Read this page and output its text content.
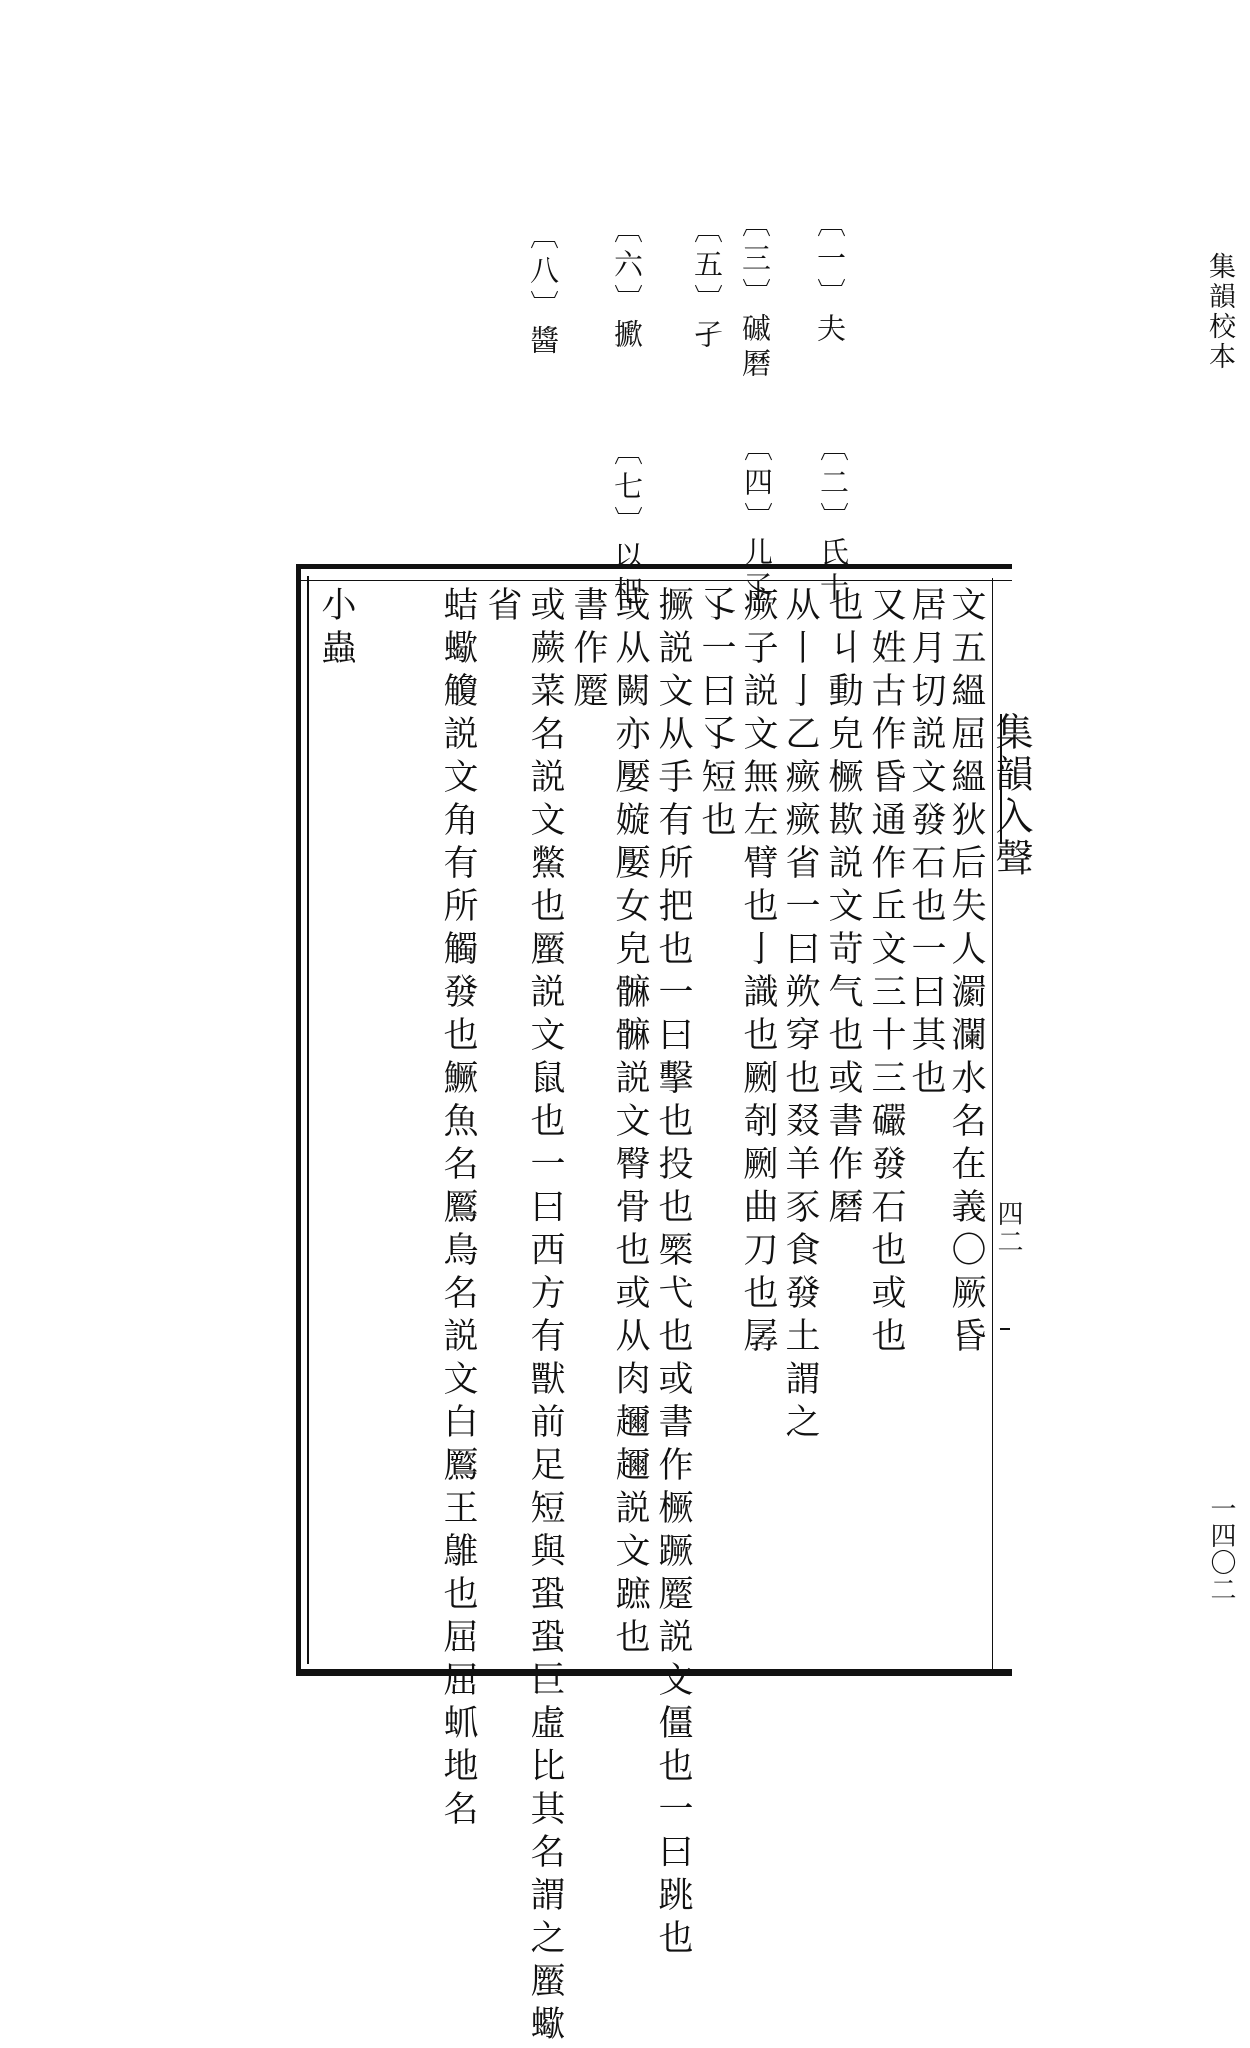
集韻校本
〔一〕夫
〔二〕氏十
〔三〕磩磿
〔四〕儿孓
〔五〕孑
〔六〕擨
〔七〕以杷
〔八〕醬
集韻入聲
四二
文五縕屈縕狄后失人瀱瀾水名在義〇厥昏
居月切説文發石也一曰其也
又姓古作昏通作丘文三十三礹發石也或也
也丩動皃橛歁説文苛气也或書作磿
从丨亅乙瘚瘚省一曰欮穿也叕羊豕食發土謂之
瘚子説文無左臂也亅識也劂剞劂曲刀也孱
孓一曰孓短也
撅説文从手有所把也一曰擊也投也橜弋也或書作橛蹶蹷説文僵也一曰跳也
或从闕亦嬮嫙嬮女皃髍髍説文臀骨也或从肉趰趰説文蹠也
書作蹷
或蕨菜名説文鱉也蟨説文鼠也一曰西方有獸前足短與蛩蛩巨虛比其名謂之蟨蠍
省
蛣蠍觼説文角有所觸發也鱖魚名鷢鳥名説文白鷢王鵻也屈屈䖣地名
小蟲
一四〇二
